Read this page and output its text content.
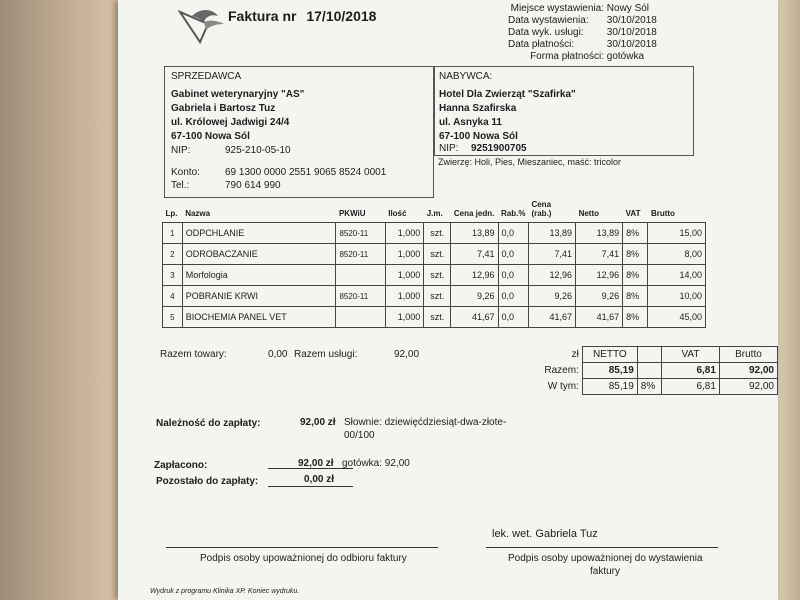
Faktura nr 17/10/2018	Miejsce wystawienia: Nowy Sól
Data wystawienia: 30/10/2018
Data wyk. usługi: 30/10/2018
Data płatności:	30/10/2018
Forma płatności: gotówka
SPRZEDAWCA
Gabinet weterynaryjny "AS"
Gabriela i Bartosz Tuz
ul. Królowej Jadwigi 24/4
67-100 Nowa Sól
NIP:	925-210-05-10
Konto:	69 1300 0000 2551 9065 8524 0001
Tel.:	790 614 990
NABYWCA:
Hotel Dla Zwierząt "Szafirka"
Hanna Szafirska
ul. Asnyka 11
67-100 Nowa Sól
NIP: 9251900705
Zwierzę: Holi, Pies, Mieszaniec, maść: tricolor
Lp.	Nazwa	PKWiU	Ilość	J.m.	Cena jedn.	Rab.%	Cena (rab.)	Netto	VAT	Brutto
1	ODPCHLANIE	8520-11	1,000	szt.	13,89	0,0	13,89	13,89	8%	15,00
2	ODROBACZANIE	8520-11	1,000	szt.	7,41	0,0	7,41	7,41	8%	8,00
3	Morfologia		1,000	szt.	12,96	0,0	12,96	12,96	8%	14,00
4	POBRANIE KRWI	8520-11	1,000	szt.	9,26	0,0	9,26	9,26	8%	10,00
5	BIOCHEMIA PANEL VET		1,000	szt.	41,67	0,0	41,67	41,67	8%	45,00
Razem towary:	0,00 Razem usługi:	92,00	zł	NETTO		VAT	Brutto
Razem:	85,19		6,81	92,00
W tym:	85,19	8%	6,81	92,00
Należność do zapłaty:	92,00 zł Słownie: dziewięćdziesiąt-dwa-złote-
00/100
Zapłacono:	92,00 zł gotówka: 92,00
Pozostało do zapłaty:	0,00 zł
lek. wet. Gabriela Tuz
Podpis osoby upoważnionej do odbioru faktury	Podpis osoby upoważnionej do wystawienia
faktury
Wydruk z programu Klinika XP. Koniec wydruku.
